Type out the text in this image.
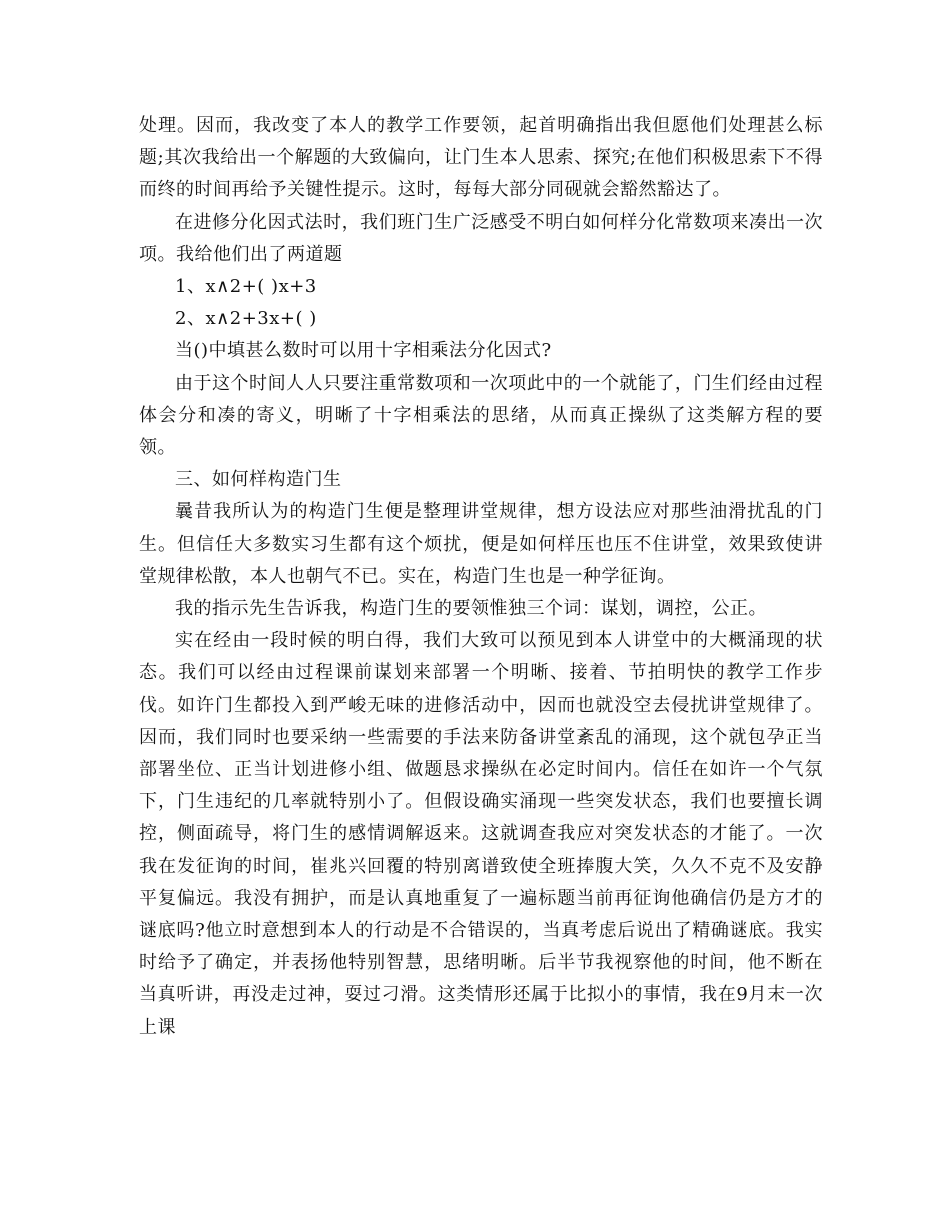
处理。因而，我改变了本人的教学工作要领，起首明确指出我但愿他们处理甚么标题;其次我给出一个解题的大致偏向，让门生本人思索、探究;在他们积极思索下不得而终的时间再给予关键性提示。这时，每每大部分同砚就会豁然豁达了。

在进修分化因式法时，我们班门生广泛感受不明白如何样分化常数项来凑出一次项。我给他们出了两道题

1、x∧2+( )x+3

2、x∧2+3x+( )

当()中填甚么数时可以用十字相乘法分化因式?

由于这个时间人人只要注重常数项和一次项此中的一个就能了，门生们经由过程体会分和凑的寄义，明晰了十字相乘法的思绪，从而真正操纵了这类解方程的要领。

三、如何样构造门生

曩昔我所认为的构造门生便是整理讲堂规律，想方设法应对那些油滑扰乱的门生。但信任大多数实习生都有这个烦扰，便是如何样压也压不住讲堂，效果致使讲堂规律松散，本人也朝气不已。实在，构造门生也是一种学征询。

我的指示先生告诉我，构造门生的要领惟独三个词：谋划，调控，公正。

实在经由一段时候的明白得，我们大致可以预见到本人讲堂中的大概涌现的状态。我们可以经由过程课前谋划来部署一个明晰、接着、节拍明快的教学工作步伐。如许门生都投入到严峻无味的进修活动中，因而也就没空去侵扰讲堂规律了。因而，我们同时也要采纳一些需要的手法来防备讲堂紊乱的涌现，这个就包孕正当部署坐位、正当计划进修小组、做题恳求操纵在必定时间内。信任在如许一个气氛下，门生违纪的几率就特别小了。但假设确实涌现一些突发状态，我们也要擅长调控，侧面疏导，将门生的感情调解返来。这就调查我应对突发状态的才能了。一次我在发征询的时间，崔兆兴回覆的特别离谱致使全班捧腹大笑，久久不克不及安静平复偏远。我没有拥护，而是认真地重复了一遍标题当前再征询他确信仍是方才的谜底吗?他立时意想到本人的行动是不合错误的，当真考虑后说出了精确谜底。我实时给予了确定，并表扬他特别智慧，思绪明晰。后半节我视察他的时间，他不断在当真听讲，再没走过神，耍过刁滑。这类情形还属于比拟小的事情，我在9月末一次上课
